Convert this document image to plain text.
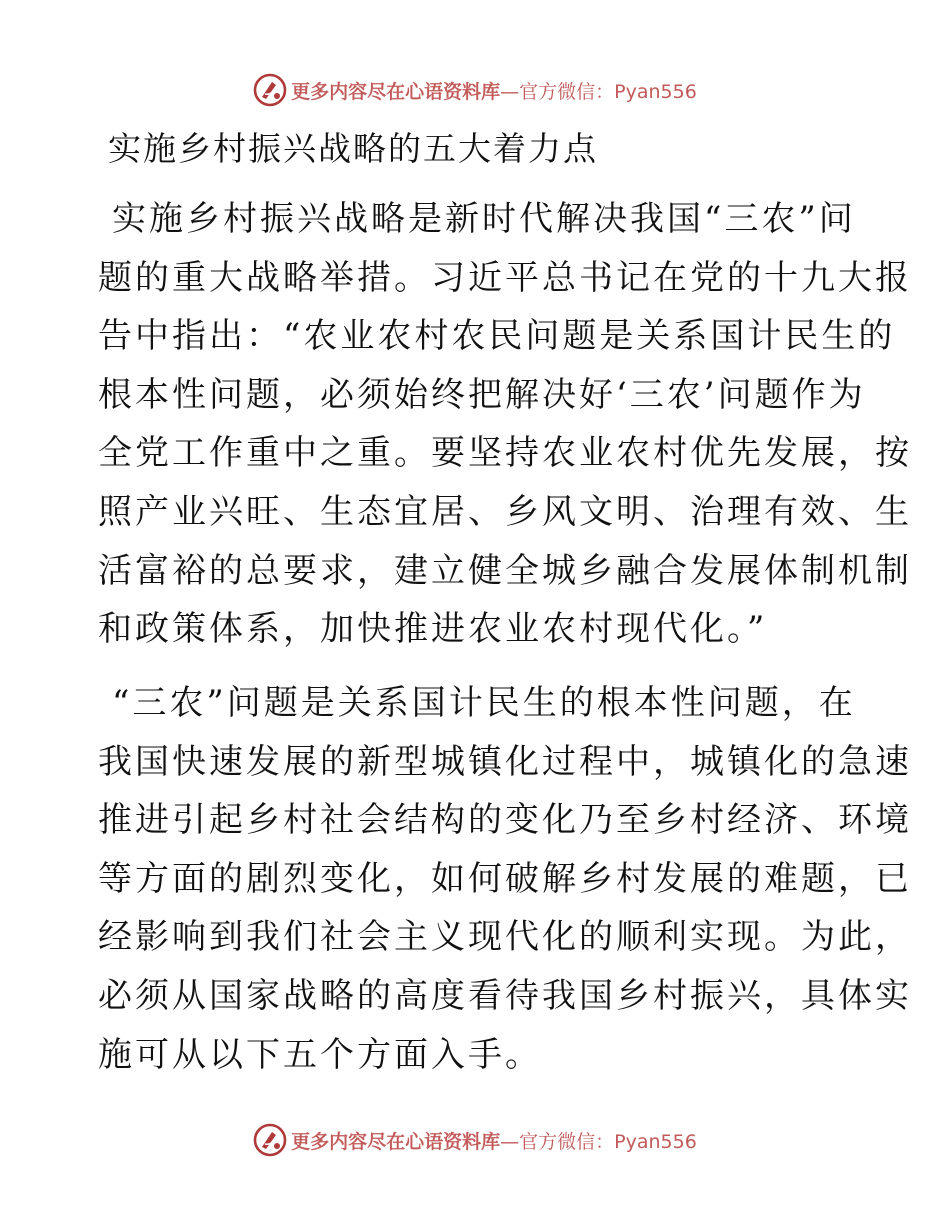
更多内容尽在心语资料库—官方微信：Pyan556
实施乡村振兴战略的五大着力点
实施乡村振兴战略是新时代解决我国“三农”问
题的重大战略举措。习近平总书记在党的十九大报
告中指出：“农业农村农民问题是关系国计民生的
根本性问题，必须始终把解决好‘三农’问题作为
全党工作重中之重。要坚持农业农村优先发展，按
照产业兴旺、生态宜居、乡风文明、治理有效、生
活富裕的总要求，建立健全城乡融合发展体制机制
和政策体系，加快推进农业农村现代化。”
“三农”问题是关系国计民生的根本性问题，在
我国快速发展的新型城镇化过程中，城镇化的急速
推进引起乡村社会结构的变化乃至乡村经济、环境
等方面的剧烈变化，如何破解乡村发展的难题，已
经影响到我们社会主义现代化的顺利实现。为此，
必须从国家战略的高度看待我国乡村振兴，具体实
施可从以下五个方面入手。
更多内容尽在心语资料库—官方微信：Pyan556
